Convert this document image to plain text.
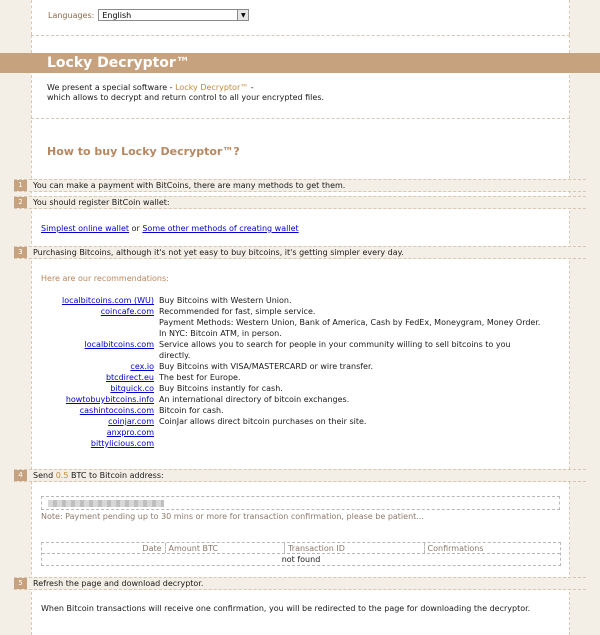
Languages: English	▼
Locky Decryptor™
We present a special software - Locky Decryptor™ -
which allows to decrypt and return control to all your encrypted files.
How to buy Locky Decryptor™?
1	You can make a payment with BitCoins, there are many methods to get them.
2	You should register BitCoin wallet:
Simplest online wallet or Some other methods of creating wallet
3	Purchasing Bitcoins, although it's not yet easy to buy bitcoins, it's getting simpler every day.
Here are our recommendations:
localbitcoins.com (WU) Buy Bitcoins with Western Union.
coincafe.com Recommended for fast, simple service.
Payment Methods: Western Union, Bank of America, Cash by FedEx, Moneygram, Money Order.
In NYC: Bitcoin ATM, in person.
localbitcoins.com Service allows you to search for people in your community willing to sell bitcoins to you
directly.
cex.io Buy Bitcoins with VISA/MASTERCARD or wire transfer.
btcdirect.eu The best for Europe.
bitquick.co Buy Bitcoins instantly for cash.
howtobuybitcoins.info An international directory of bitcoin exchanges.
cashintocoins.com Bitcoin for cash.
coinjar.com CoinJar allows direct bitcoin purchases on their site.
anxpro.com
bittylicious.com
4	Send 0.5 BTC to Bitcoin address:
Note: Payment pending up to 30 mins or more for transaction confirmation, please be patient...
Date Amount BTC	Transaction ID	Confirmations
not found
5	Refresh the page and download decryptor.
When Bitcoin transactions will receive one confirmation, you will be redirected to the page for downloading the decryptor.
